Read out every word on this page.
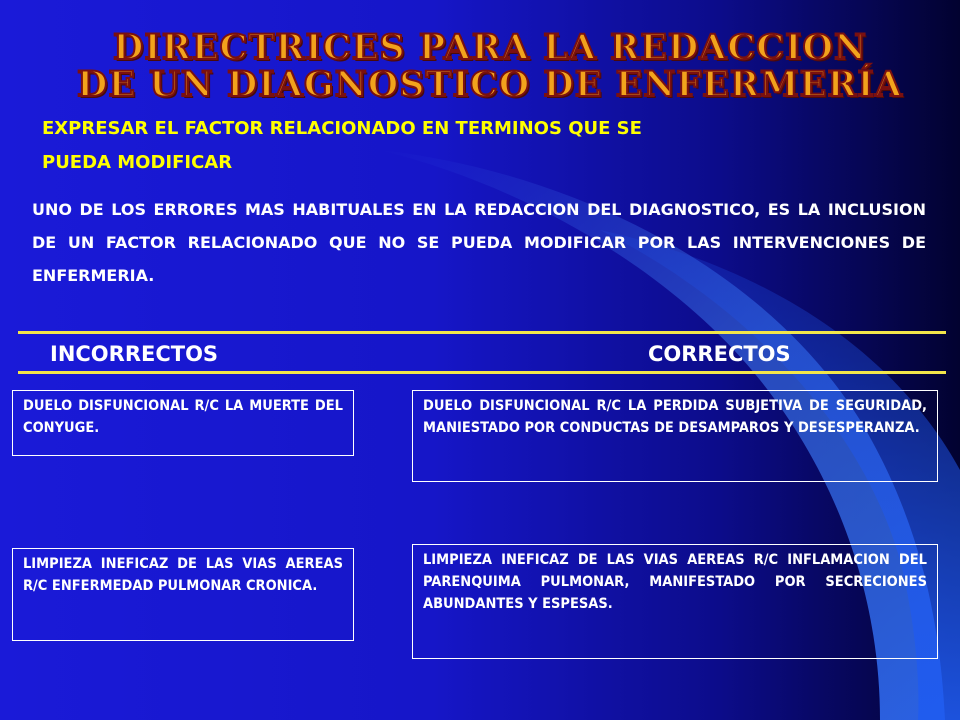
DIRECTRICES PARA LA REDACCION
DE UN DIAGNOSTICO DE ENFERMERÍA
EXPRESAR EL FACTOR RELACIONADO EN TERMINOS QUE SE
PUEDA MODIFICAR
UNO DE LOS ERRORES MAS HABITUALES EN LA REDACCION DEL DIAGNOSTICO, ES LA INCLUSION DE UN FACTOR RELACIONADO QUE NO SE PUEDA MODIFICAR POR LAS INTERVENCIONES DE ENFERMERIA.
INCORRECTOS	CORRECTOS
DUELO DISFUNCIONAL R/C LA MUERTE DEL CONYUGE.
DUELO DISFUNCIONAL R/C LA PERDIDA SUBJETIVA DE SEGURIDAD, MANIESTADO POR CONDUCTAS DE DESAMPAROS Y DESESPERANZA.
LIMPIEZA INEFICAZ DE LAS VIAS AEREAS R/C ENFERMEDAD PULMONAR CRONICA.
LIMPIEZA INEFICAZ DE LAS VIAS AEREAS R/C INFLAMACION DEL PARENQUIMA PULMONAR, MANIFESTADO POR SECRECIONES ABUNDANTES Y ESPESAS.
